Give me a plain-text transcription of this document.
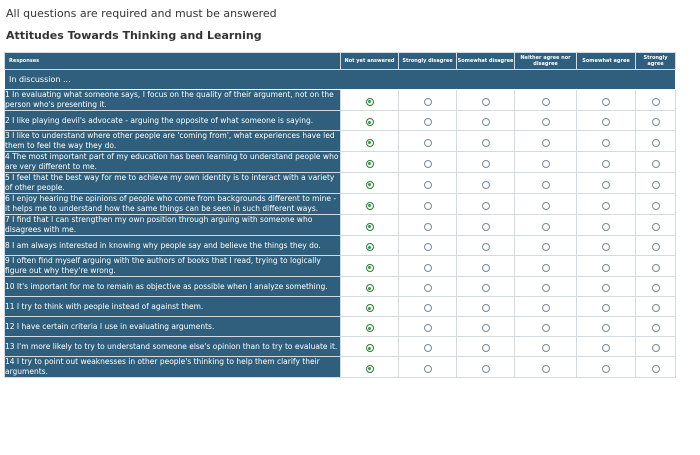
All questions are required and must be answered
Attitudes Towards Thinking and Learning
Responses	Not yet answered	Strongly disagree	Somewhat disagree	Neither agree nor disagree	Somewhat agree	Strongly agree
In discussion ...						
1 In evaluating what someone says, I focus on the quality of their argument, not on the person who's presenting it.						
2 I like playing devil's advocate - arguing the opposite of what someone is saying.						
3 I like to understand where other people are 'coming from', what experiences have led them to feel the way they do.						
4 The most important part of my education has been learning to understand people who are very different to me.						
5 I feel that the best way for me to achieve my own identity is to interact with a variety of other people.						
6 I enjoy hearing the opinions of people who come from backgrounds different to mine - it helps me to understand how the same things can be seen in such different ways.						
7 I find that I can strengthen my own position through arguing with someone who disagrees with me.						
8 I am always interested in knowing why people say and believe the things they do.						
9 I often find myself arguing with the authors of books that I read, trying to logically figure out why they're wrong.						
10 It's important for me to remain as objective as possible when I analyze something.						
11 I try to think with people instead of against them.						
12 I have certain criteria I use in evaluating arguments.						
13 I'm more likely to try to understand someone else's opinion than to try to evaluate it.						
14 I try to point out weaknesses in other people's thinking to help them clarify their arguments.						
